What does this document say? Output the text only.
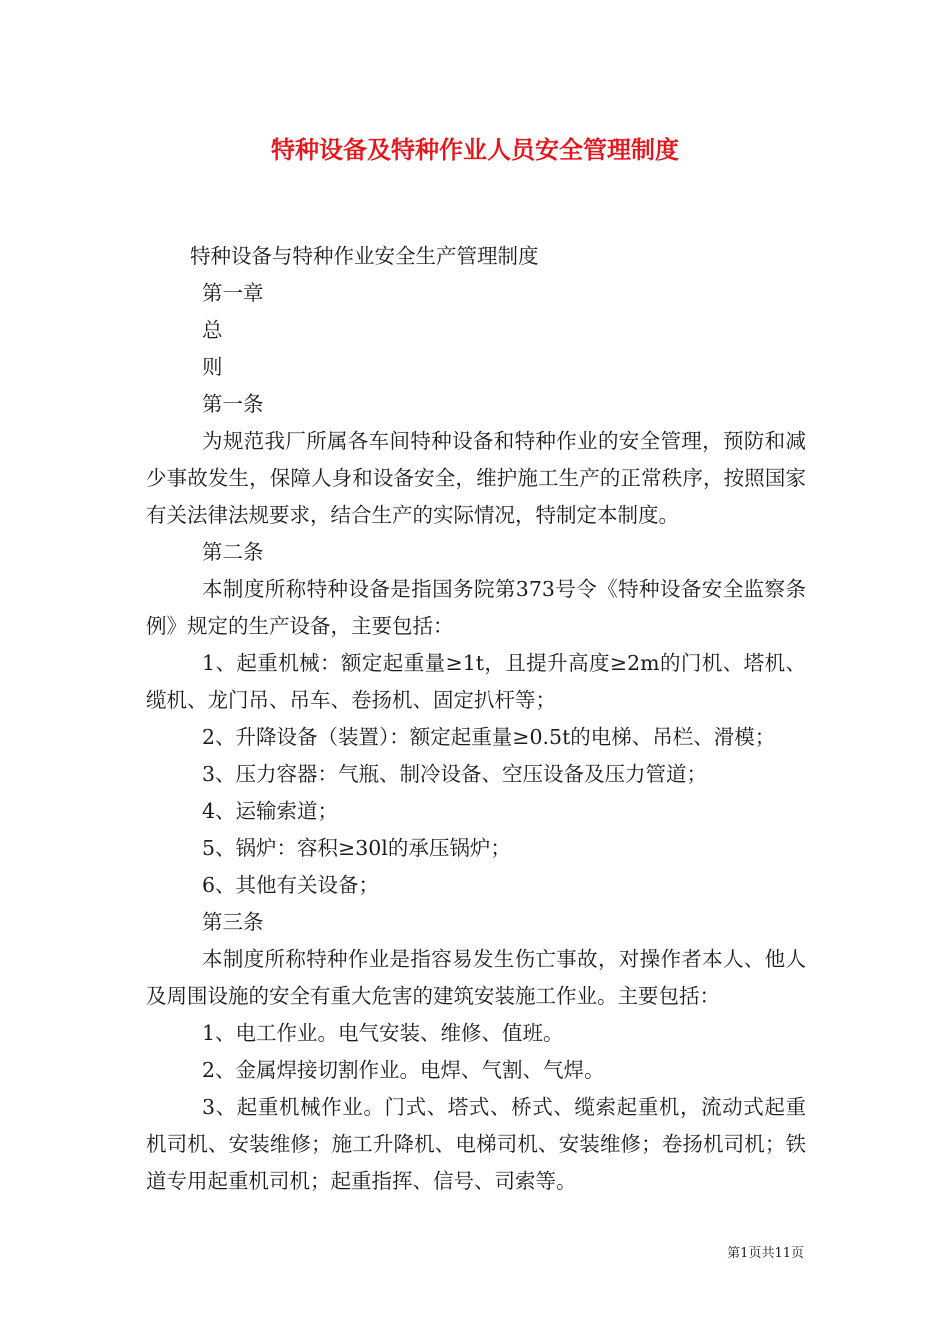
特种设备及特种作业人员安全管理制度

特种设备与特种作业安全生产管理制度

第一章

总

则

第一条

为规范我厂所属各车间特种设备和特种作业的安全管理，预防和减少事故发生，保障人身和设备安全，维护施工生产的正常秩序，按照国家有关法律法规要求，结合生产的实际情况，特制定本制度。

第二条

本制度所称特种设备是指国务院第373号令《特种设备安全监察条例》规定的生产设备，主要包括：

1、起重机械：额定起重量≥1t，且提升高度≥2m的门机、塔机、缆机、龙门吊、吊车、卷扬机、固定扒杆等；

2、升降设备（装置）：额定起重量≥0.5t的电梯、吊栏、滑模；

3、压力容器：气瓶、制冷设备、空压设备及压力管道；

4、运输索道；

5、锅炉：容积≥30l的承压锅炉；

6、其他有关设备；

第三条

本制度所称特种作业是指容易发生伤亡事故，对操作者本人、他人及周围设施的安全有重大危害的建筑安装施工作业。主要包括：

1、电工作业。电气安装、维修、值班。

2、金属焊接切割作业。电焊、气割、气焊。

3、起重机械作业。门式、塔式、桥式、缆索起重机，流动式起重机司机、安装维修；施工升降机、电梯司机、安装维修；卷扬机司机；铁道专用起重机司机；起重指挥、信号、司索等。

第1页共11页
